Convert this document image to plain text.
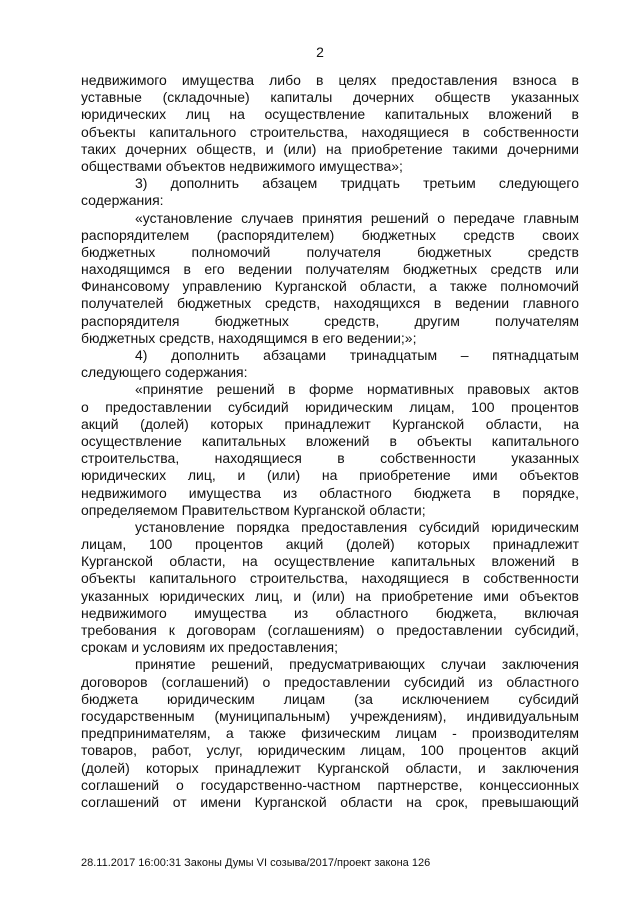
2
недвижимого имущества либо в целях предоставления взноса в
уставные (складочные) капиталы дочерних обществ указанных
юридических лиц на осуществление капитальных вложений в
объекты капитального строительства, находящиеся в собственности
таких дочерних обществ, и (или) на приобретение такими дочерними
обществами объектов недвижимого имущества»;
3) дополнить абзацем тридцать третьим следующего
содержания:
«установление случаев принятия решений о передаче главным
распорядителем (распорядителем) бюджетных средств своих
бюджетных полномочий получателя бюджетных средств
находящимся в его ведении получателям бюджетных средств или
Финансовому управлению Курганской области, а также полномочий
получателей бюджетных средств, находящихся в ведении главного
распорядителя бюджетных средств, другим получателям
бюджетных средств, находящимся в его ведении;»;
4) дополнить абзацами тринадцатым – пятнадцатым
следующего содержания:
«принятие решений в форме нормативных правовых актов
о предоставлении субсидий юридическим лицам, 100 процентов
акций (долей) которых принадлежит Курганской области, на
осуществление капитальных вложений в объекты капитального
строительства, находящиеся в собственности указанных
юридических лиц, и (или) на приобретение ими объектов
недвижимого имущества из областного бюджета в порядке,
определяемом Правительством Курганской области;
установление порядка предоставления субсидий юридическим
лицам, 100 процентов акций (долей) которых принадлежит
Курганской области, на осуществление капитальных вложений в
объекты капитального строительства, находящиеся в собственности
указанных юридических лиц, и (или) на приобретение ими объектов
недвижимого имущества из областного бюджета, включая
требования к договорам (соглашениям) о предоставлении субсидий,
срокам и условиям их предоставления;
принятие решений, предусматривающих случаи заключения
договоров (соглашений) о предоставлении субсидий из областного
бюджета юридическим лицам (за исключением субсидий
государственным (муниципальным) учреждениям), индивидуальным
предпринимателям, а также физическим лицам - производителям
товаров, работ, услуг, юридическим лицам, 100 процентов акций
(долей) которых принадлежит Курганской области, и заключения
соглашений о государственно-частном партнерстве, концессионных
соглашений от имени Курганской области на срок, превышающий
28.11.2017 16:00:31 Законы Думы VI созыва/2017/проект закона 126
